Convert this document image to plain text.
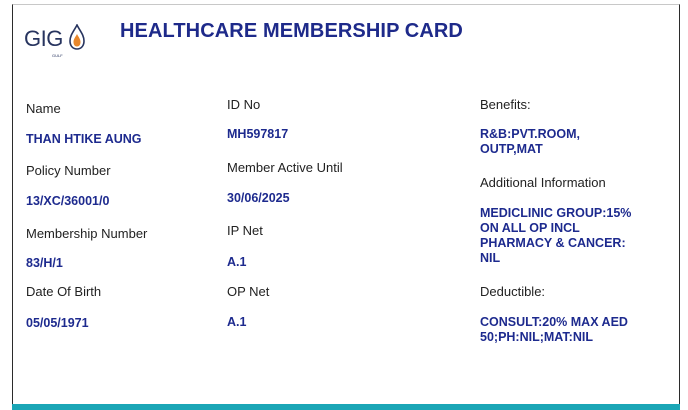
GIG
GULF
HEALTHCARE MEMBERSHIP CARD
Name
THAN HTIKE AUNG
Policy Number
13/XC/36001/0
Membership Number
83/H/1
Date Of Birth
05/05/1971
ID No
MH597817
Member Active Until
30/06/2025
IP Net
A.1
OP Net
A.1
Benefits:
R&B:PVT.ROOM,
OUTP,MAT
Additional Information
MEDICLINIC GROUP:15%
ON ALL OP INCL
PHARMACY & CANCER:
NIL
Deductible:
CONSULT:20% MAX AED
50;PH:NIL;MAT:NIL
